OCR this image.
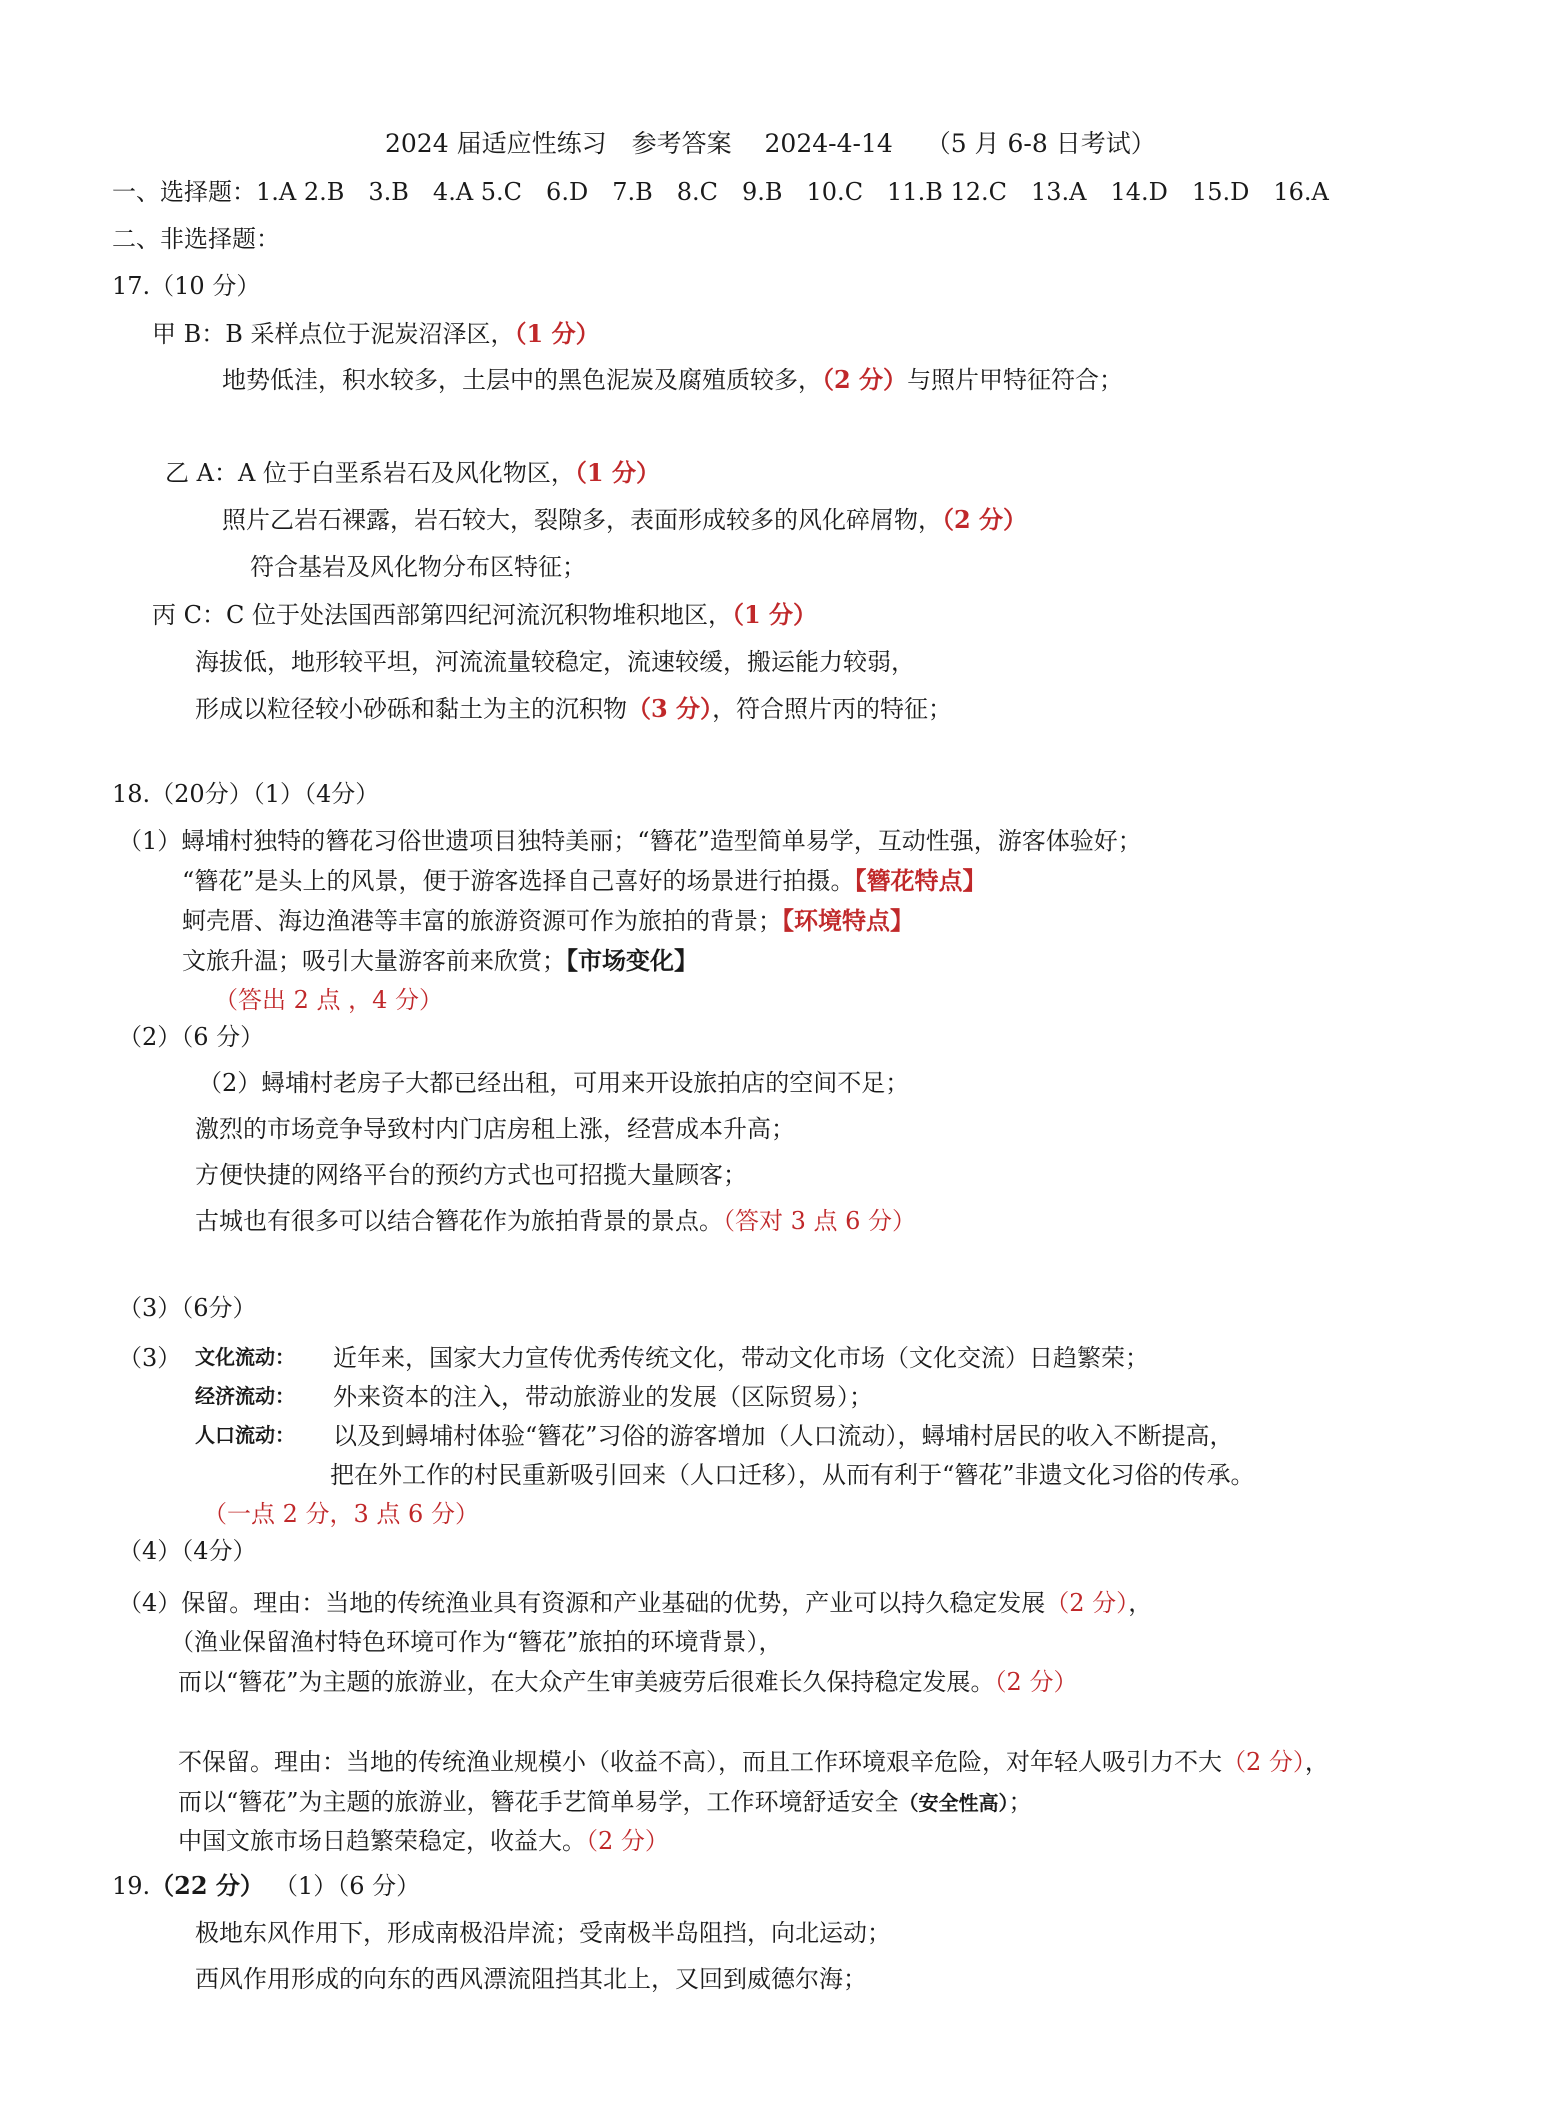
2024 届适应性练习　参考答案　 2024-4-14　 （5 月 6-8 日考试）
一、选择题：1.A 2.B　3.B　4.A 5.C　6.D　7.B　8.C　9.B　10.C　11.B 12.C　13.A　14.D　15.D　16.A
二、非选择题：
17.（10 分）
甲 B：B 采样点位于泥炭沼泽区，（1 分）
地势低洼，积水较多，土层中的黑色泥炭及腐殖质较多，（2 分）与照片甲特征符合；
乙 A：A 位于白垩系岩石及风化物区，（1 分）
照片乙岩石裸露，岩石较大，裂隙多，表面形成较多的风化碎屑物，（2 分）
符合基岩及风化物分布区特征；
丙 C：C 位于处法国西部第四纪河流沉积物堆积地区，（1 分）
海拔低，地形较平坦，河流流量较稳定，流速较缓，搬运能力较弱，
形成以粒径较小砂砾和黏土为主的沉积物（3 分），符合照片丙的特征；
18.（20分）（1）（4分）
（1）蟳埔村独特的簪花习俗世遗项目独特美丽；“簪花”造型简单易学，互动性强，游客体验好；
“簪花”是头上的风景，便于游客选择自己喜好的场景进行拍摄。【簪花特点】
蚵壳厝、海边渔港等丰富的旅游资源可作为旅拍的背景；【环境特点】
文旅升温；吸引大量游客前来欣赏；【市场变化】
（答出 2 点 ，4 分）
（2）（6 分）
（2）蟳埔村老房子大都已经出租，可用来开设旅拍店的空间不足；
激烈的市场竞争导致村内门店房租上涨，经营成本升高；
方便快捷的网络平台的预约方式也可招揽大量顾客；
古城也有很多可以结合簪花作为旅拍背景的景点。（答对 3 点 6 分）
（3）（6分）
（3） 文化流动： 近年来，国家大力宣传优秀传统文化，带动文化市场（文化交流）日趋繁荣；
经济流动： 外来资本的注入，带动旅游业的发展（区际贸易）；
人口流动： 以及到蟳埔村体验“簪花”习俗的游客增加（人口流动），蟳埔村居民的收入不断提高，
把在外工作的村民重新吸引回来（人口迁移），从而有利于“簪花”非遗文化习俗的传承。
（一点 2 分，3 点 6 分）
（4）（4分）
（4）保留。理由：当地的传统渔业具有资源和产业基础的优势，产业可以持久稳定发展（2 分），
（渔业保留渔村特色环境可作为“簪花”旅拍的环境背景），
而以“簪花”为主题的旅游业，在大众产生审美疲劳后很难长久保持稳定发展。（2 分）
不保留。理由：当地的传统渔业规模小（收益不高），而且工作环境艰辛危险，对年轻人吸引力不大（2 分），
而以“簪花”为主题的旅游业，簪花手艺简单易学，工作环境舒适安全（安全性高）；
中国文旅市场日趋繁荣稳定，收益大。（2 分）
19.（22 分） （1）（6 分）
极地东风作用下，形成南极沿岸流；受南极半岛阻挡，向北运动；
西风作用形成的向东的西风漂流阻挡其北上，又回到威德尔海；
